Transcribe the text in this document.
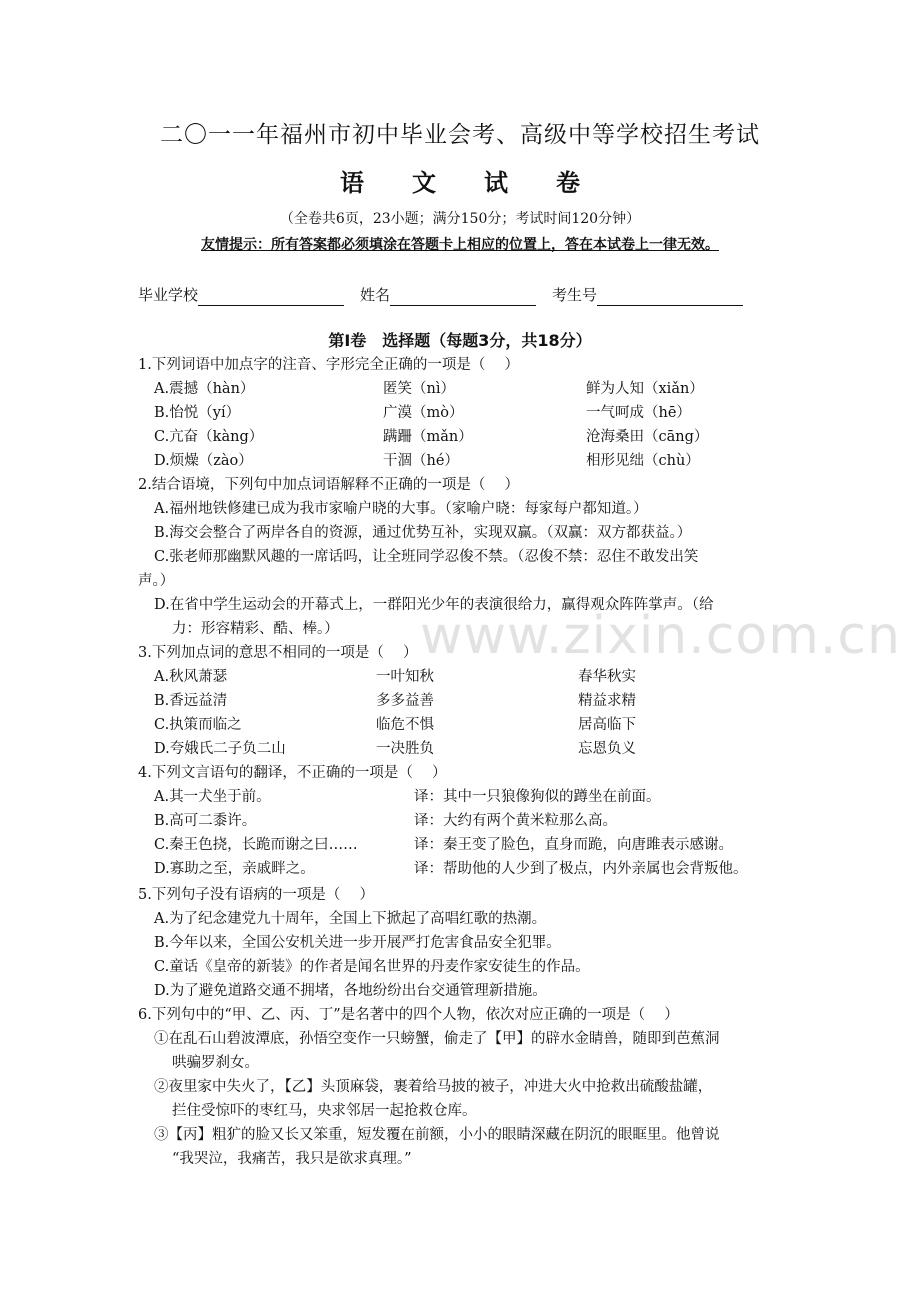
二〇一一年福州市初中毕业会考、高级中等学校招生考试
语文试卷
（全卷共6页，23小题；满分150分；考试时间120分钟）
友情提示：所有答案都必须填涂在答题卡上相应的位置上，答在本试卷上一律无效。
毕业学校	姓名	考生号
第Ⅰ卷　选择题（每题3分，共18分）
1.下列词语中加点字的注音、字形完全正确的一项是（　 ）
A.震撼（hàn）	匿笑（nì）	鲜为人知（xiǎn）
B.怡悦（yí）	广漠（mò）	一气呵成（hē）
C.亢奋（kàng）	蹒跚（mǎn）	沧海桑田（cāng）
D.烦燥（zào）	干涸（hé）	相形见绌（chù）
2.结合语境，下列句中加点词语解释不正确的一项是（　 ）
A.福州地铁修建已成为我市家喻户晓的大事。（家喻户晓：每家每户都知道。）
B.海交会整合了两岸各自的资源，通过优势互补，实现双赢。（双赢：双方都获益。）
C.张老师那幽默风趣的一席话吗，让全班同学忍俊不禁。（忍俊不禁：忍住不敢发出笑
声。）
D.在省中学生运动会的开幕式上，一群阳光少年的表演很给力，赢得观众阵阵掌声。（给
力：形容精彩、酷、棒。） www.zixin.com.cn
3.下列加点词的意思不相同的一项是（　 ）
A.秋风萧瑟	一叶知秋	春华秋实
B.香远益清	多多益善	精益求精
C.执策而临之	临危不惧	居高临下
D.夸娥氏二子负二山	一决胜负	忘恩负义
4.下列文言语句的翻译，不正确的一项是（　 ）
A.其一犬坐于前。	译：其中一只狼像狗似的蹲坐在前面。
B.高可二黍许。	译：大约有两个黄米粒那么高。
C.秦王色挠，长跪而谢之曰……	译：秦王变了脸色，直身而跪，向唐雎表示感谢。
D.寡助之至，亲戚畔之。	译：帮助他的人少到了极点，内外亲属也会背叛他。
5.下列句子没有语病的一项是（　 ）
A.为了纪念建党九十周年，全国上下掀起了高唱红歌的热潮。
B.今年以来，全国公安机关进一步开展严打危害食品安全犯罪。
C.童话《皇帝的新装》的作者是闻名世界的丹麦作家安徒生的作品。
D.为了避免道路交通不拥堵，各地纷纷出台交通管理新措施。
6.下列句中的“甲、乙、丙、丁”是名著中的四个人物，依次对应正确的一项是（　 ）
①在乱石山碧波潭底，孙悟空变作一只螃蟹，偷走了【甲】的辟水金睛兽，随即到芭蕉洞
哄骗罗刹女。
②夜里家中失火了，【乙】头顶麻袋，裹着给马披的被子，冲进大火中抢救出硫酸盐罐，
拦住受惊吓的枣红马，央求邻居一起抢救仓库。
③【丙】粗犷的脸又长又笨重，短发覆在前额，小小的眼睛深藏在阴沉的眼眶里。他曾说
“我哭泣，我痛苦，我只是欲求真理。”
